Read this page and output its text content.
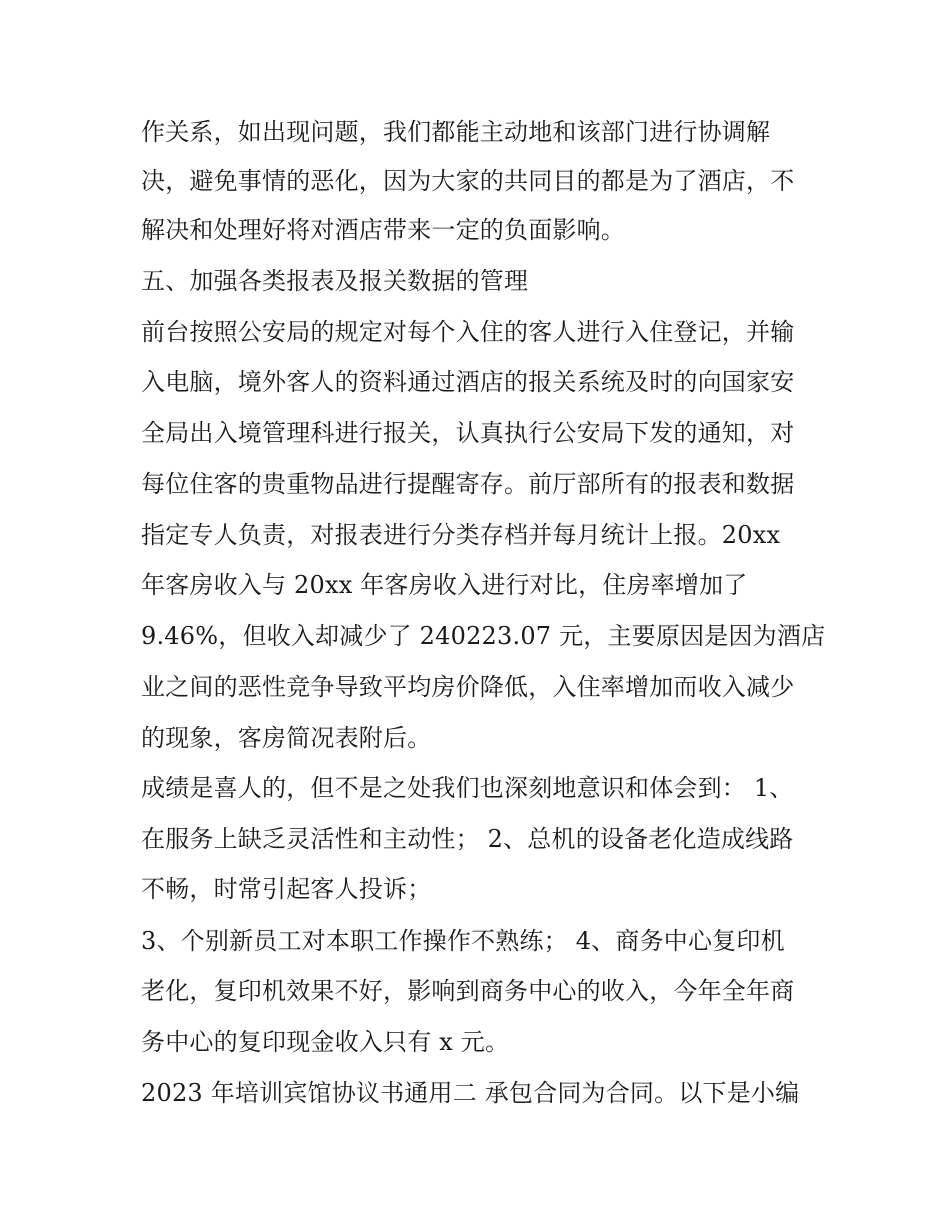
作关系，如出现问题，我们都能主动地和该部门进行协调解
决，避免事情的恶化，因为大家的共同目的都是为了酒店，不
解决和处理好将对酒店带来一定的负面影响。
五、加强各类报表及报关数据的管理
前台按照公安局的规定对每个入住的客人进行入住登记，并输
入电脑，境外客人的资料通过酒店的报关系统及时的向国家安
全局出入境管理科进行报关，认真执行公安局下发的通知，对
每位住客的贵重物品进行提醒寄存。前厅部所有的报表和数据
指定专人负责，对报表进行分类存档并每月统计上报。20xx
年客房收入与 20xx 年客房收入进行对比，住房率增加了
9.46%，但收入却减少了 240223.07 元，主要原因是因为酒店
业之间的恶性竞争导致平均房价降低，入住率增加而收入减少
的现象，客房简况表附后。
成绩是喜人的，但不是之处我们也深刻地意识和体会到： 1、
在服务上缺乏灵活性和主动性； 2、总机的设备老化造成线路
不畅，时常引起客人投诉；
3、个别新员工对本职工作操作不熟练； 4、商务中心复印机
老化，复印机效果不好，影响到商务中心的收入，今年全年商
务中心的复印现金收入只有 x 元。
2023 年培训宾馆协议书通用二 承包合同为合同。以下是小编
